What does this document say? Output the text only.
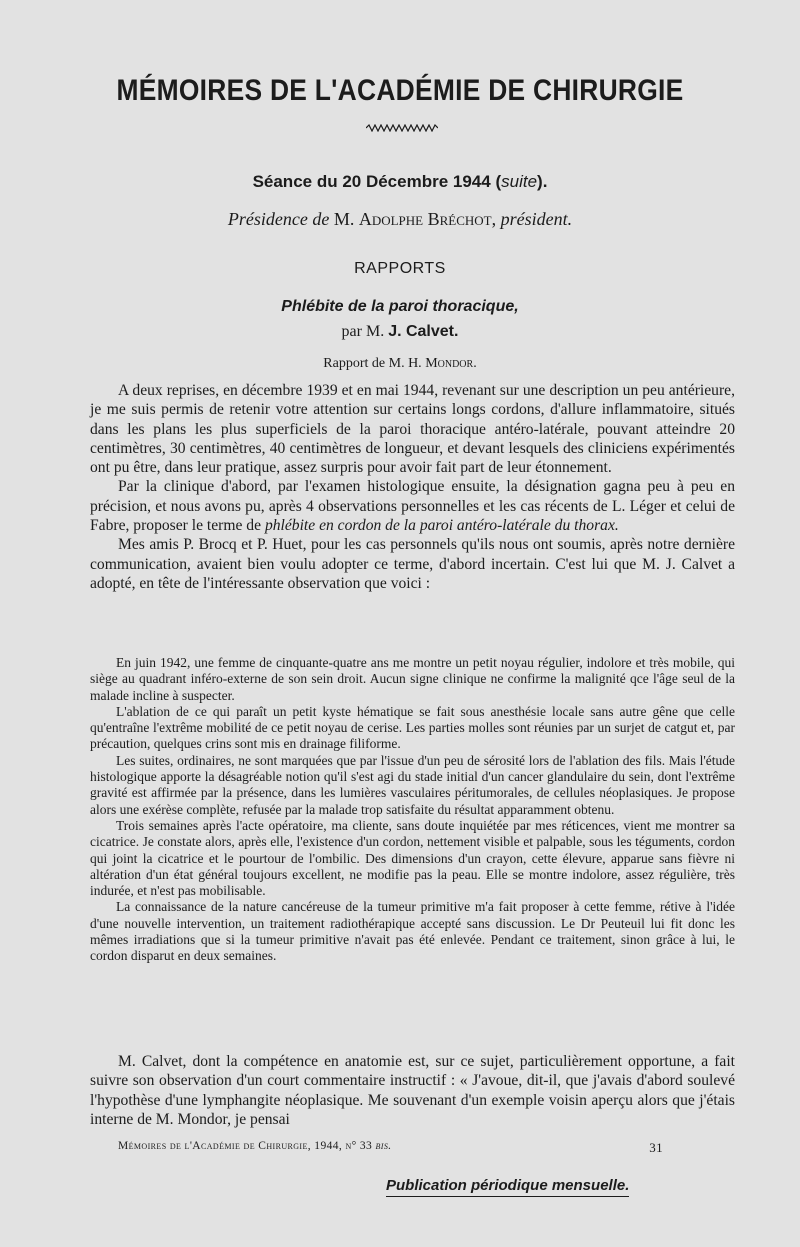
MÉMOIRES DE L'ACADÉMIE DE CHIRURGIE
Séance du 20 Décembre 1944 (suite).
Présidence de M. Adolphe Bréchot, président.
RAPPORTS
Phlébite de la paroi thoracique,
par M. J. Calvet.
Rapport de M. H. Mondor.

A deux reprises, en décembre 1939 et en mai 1944, revenant sur une description un peu antérieure, je me suis permis de retenir votre attention sur certains longs cordons, d'allure inflammatoire, situés dans les plans les plus superficiels de la paroi thoracique antéro-latérale, pouvant atteindre 20 centimètres, 30 centimètres, 40 centimètres de longueur, et devant lesquels des cliniciens expérimentés ont pu être, dans leur pratique, assez surpris pour avoir fait part de leur étonnement.

Par la clinique d'abord, par l'examen histologique ensuite, la désignation gagna peu à peu en précision, et nous avons pu, après 4 observations personnelles et les cas récents de L. Léger et celui de Fabre, proposer le terme de phlébite en cordon de la paroi antéro-latérale du thorax.

Mes amis P. Brocq et P. Huet, pour les cas personnels qu'ils nous ont soumis, après notre dernière communication, avaient bien voulu adopter ce terme, d'abord incertain. C'est lui que M. J. Calvet a adopté, en tête de l'intéressante observation que voici :

En juin 1942, une femme de cinquante-quatre ans me montre un petit noyau régulier, indolore et très mobile, qui siège au quadrant inféro-externe de son sein droit. Aucun signe clinique ne confirme la malignité qce l'âge seul de la malade incline à suspecter.

L'ablation de ce qui paraît un petit kyste hématique se fait sous anesthésie locale sans autre gêne que celle qu'entraîne l'extrême mobilité de ce petit noyau de cerise. Les parties molles sont réunies par un surjet de catgut et, par précaution, quelques crins sont mis en drainage filiforme.

Les suites, ordinaires, ne sont marquées que par l'issue d'un peu de sérosité lors de l'ablation des fils. Mais l'étude histologique apporte la désagréable notion qu'il s'est agi du stade initial d'un cancer glandulaire du sein, dont l'extrême gravité est affirmée par la présence, dans les lumières vasculaires péritumorales, de cellules néoplasiques. Je propose alors une exérèse complète, refusée par la malade trop satisfaite du résultat apparamment obtenu.

Trois semaines après l'acte opératoire, ma cliente, sans doute inquiétée par mes réticences, vient me montrer sa cicatrice. Je constate alors, après elle, l'existence d'un cordon, nettement visible et palpable, sous les téguments, cordon qui joint la cicatrice et le pourtour de l'ombilic. Des dimensions d'un crayon, cette élevure, apparue sans fièvre ni altération d'un état général toujours excellent, ne modifie pas la peau. Elle se montre indolore, assez régulière, très indurée, et n'est pas mobilisable.

La connaissance de la nature cancéreuse de la tumeur primitive m'a fait proposer à cette femme, rétive à l'idée d'une nouvelle intervention, un traitement radiothérapique accepté sans discussion. Le Dr Peuteuil lui fit donc les mêmes irradiations que si la tumeur primitive n'avait pas été enlevée. Pendant ce traitement, sinon grâce à lui, le cordon disparut en deux semaines.

M. Calvet, dont la compétence en anatomie est, sur ce sujet, particulièrement opportune, a fait suivre son observation d'un court commentaire instructif : « J'avoue, dit-il, que j'avais d'abord soulevé l'hypothèse d'une lymphangite néoplasique. Me souvenant d'un exemple voisin aperçu alors que j'étais interne de M. Mondor, je pensai

Mémoires de l'Académie de Chirurgie, 1944, n° 33 bis.	31
Publication périodique mensuelle.
